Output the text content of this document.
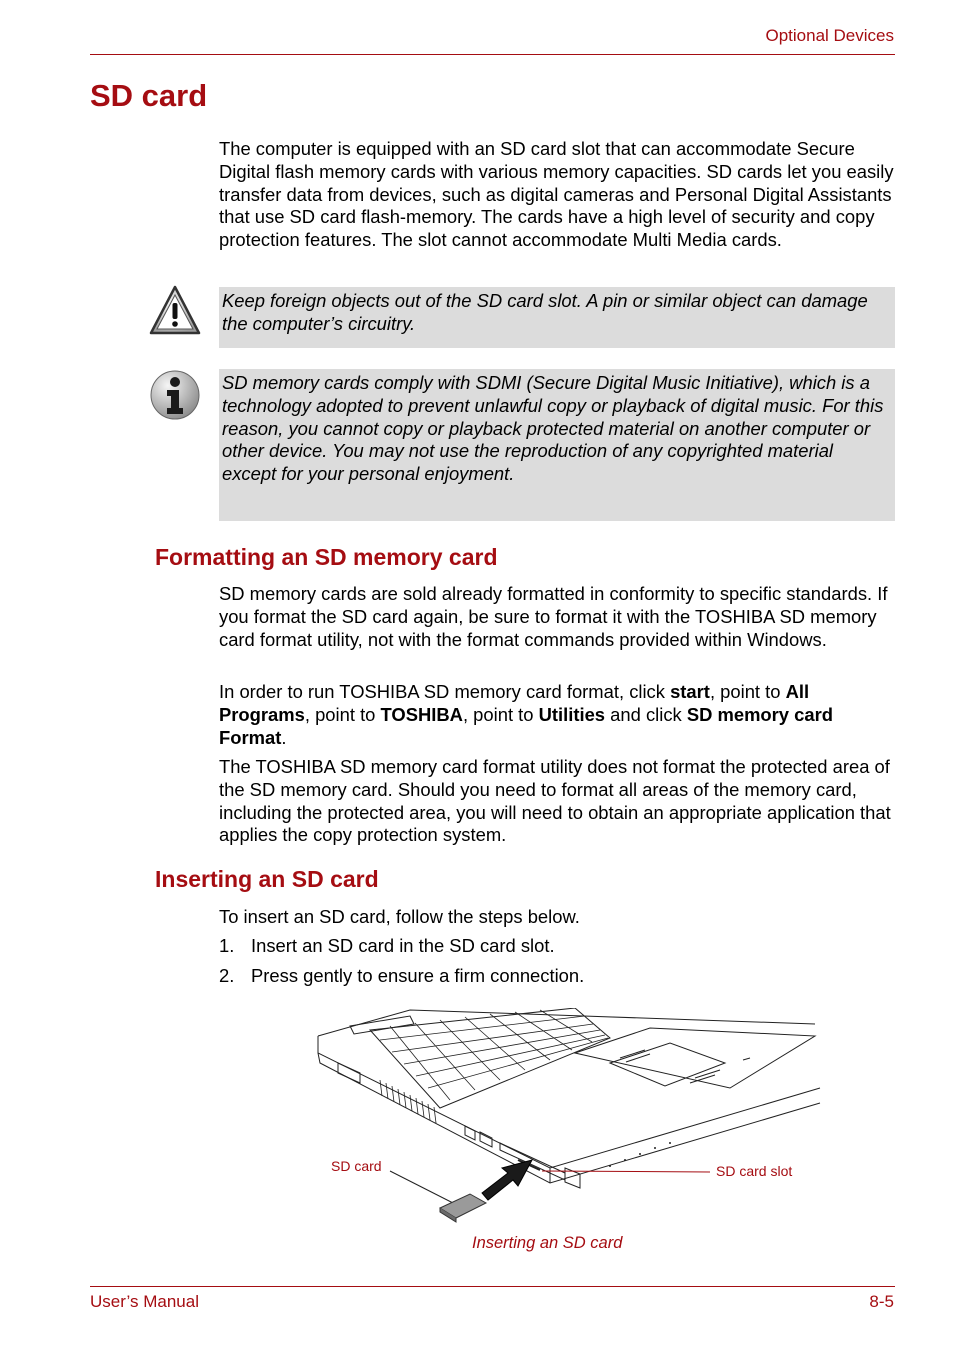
Optional Devices
SD card

The computer is equipped with an SD card slot that can accommodate Secure Digital flash memory cards with various memory capacities. SD cards let you easily transfer data from devices, such as digital cameras and Personal Digital Assistants that use SD card flash-memory. The cards have a high level of security and copy protection features. The slot cannot accommodate Multi Media cards.

Keep foreign objects out of the SD card slot. A pin or similar object can damage the computer’s circuitry.
SD memory cards comply with SDMI (Secure Digital Music Initiative), which is a technology adopted to prevent unlawful copy or playback of digital music. For this reason, you cannot copy or playback protected material on another computer or other device. You may not use the reproduction of any copyrighted material except for your personal enjoyment.
Formatting an SD memory card

SD memory cards are sold already formatted in conformity to specific standards. If you format the SD card again, be sure to format it with the TOSHIBA SD memory card format utility, not with the format commands provided within Windows.

In order to run TOSHIBA SD memory card format, click start, point to All Programs, point to TOSHIBA, point to Utilities and click SD memory card Format.

The TOSHIBA SD memory card format utility does not format the protected area of the SD memory card. Should you need to format all areas of the memory card, including the protected area, you will need to obtain an appropriate application that applies the copy protection system.

Inserting an SD card

To insert an SD card, follow the steps below.

1. Insert an SD card in the SD card slot.
2. Press gently to ensure a firm connection.
SD card	SD card slot
Inserting an SD card
User’s Manual	8-5
